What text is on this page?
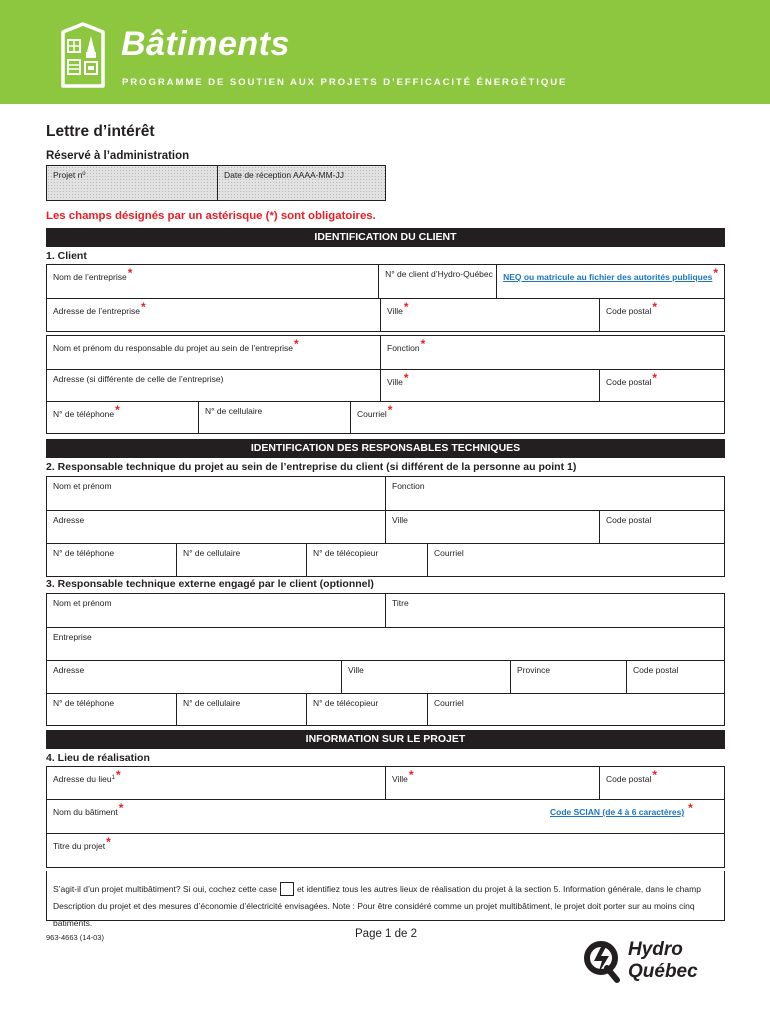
Bâtiments
PROGRAMME DE SOUTIEN AUX PROJETS D’EFFICACITÉ ÉNERGÉTIQUE
Lettre d’intérêt
Réservé à l’administration
Projet $n^o$	Date de réception AAAA-MM-JJ
Les champs désignés par un astérisque (*) sont obligatoires.
IDENTIFICATION DU CLIENT
1. Client
Nom de l’entreprise*	N° de client d’Hydro-Québec	NEQ ou matricule au fichier des autorités publiques*
Adresse de l’entreprise*	Ville*	Code postal*
Nom et prénom du responsable du projet au sein de l’entreprise*	Fonction*
Adresse (si différente de celle de l’entreprise)	Ville*	Code postal*
N° de téléphone*	N° de cellulaire	Courriel*
IDENTIFICATION DES RESPONSABLES TECHNIQUES
2. Responsable technique du projet au sein de l’entreprise du client (si différent de la personne au point 1)
Nom et prénom	Fonction
Adresse	Ville	Code postal
N° de téléphone	N° de cellulaire	N° de télécopieur	Courriel
3. Responsable technique externe engagé par le client (optionnel)
Nom et prénom	Titre
Entreprise
Adresse	Ville	Province	Code postal
N° de téléphone	N° de cellulaire	N° de télécopieur	Courriel
INFORMATION SUR LE PROJET
4. Lieu de réalisation
Adresse du lieu$^1$*	Ville*	Code postal*
Nom du bâtiment*	Code SCIAN (de 4 à 6 caractères) *
Titre du projet*
S’agit-il d’un projet multibâtiment? Si oui, cochez cette case et identifiez tous les autres lieux de réalisation du projet à la section 5. Information générale, dans le champ
Description du projet et des mesures d’économie d’électricité envisagées. Note : Pour être considéré comme un projet multibâtiment, le projet doit porter sur au moins cinq bâtiments.
963-4663 (14-03)	Page 1 de 2
Hydro
Québec
